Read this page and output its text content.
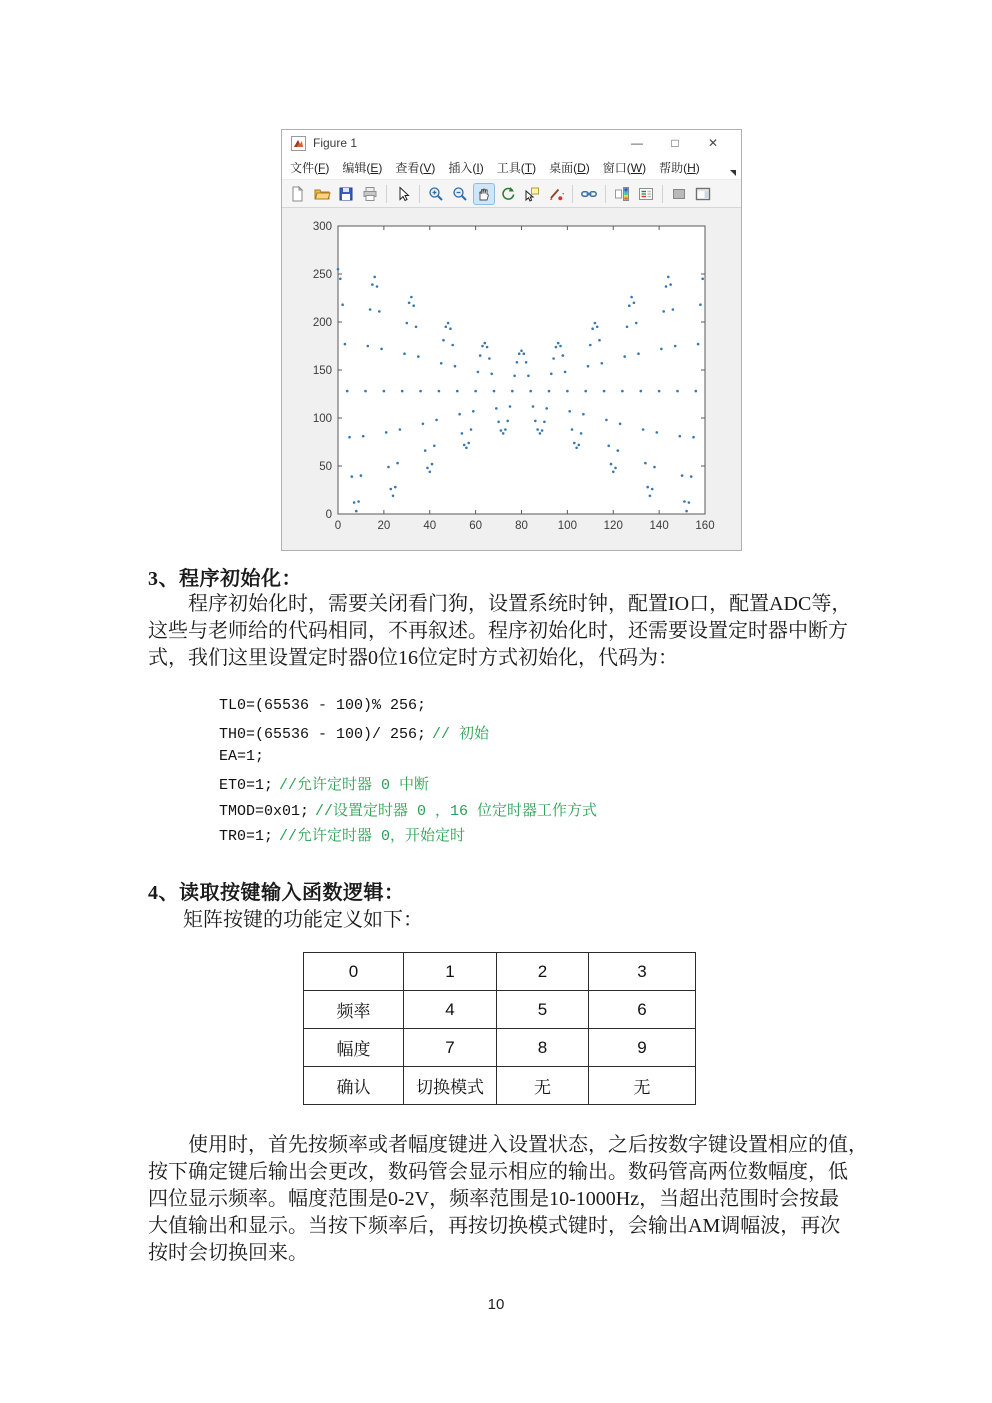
Figure 1	—	□	✕
文件(F) 编辑(E) 查看(V) 插入(I) 工具(T) 桌面(D) 窗口(W) 帮助(H)
0	20	40	60	80	100 120 140 160
0
50
100
150
200
250
300
3、程序初始化：
程序初始化时，需要关闭看门狗，设置系统时钟，配置IO口，配置ADC等，
这些与老师给的代码相同，不再叙述。程序初始化时，还需要设置定时器中断方
式，我们这里设置定时器0位16位定时方式初始化，代码为：
TL0=(65536 - 100)% 256;
TH0=(65536 - 100)/ 256; // 初始
EA=1;
ET0=1; //允许定时器 0 中断
TMOD=0x01; //设置定时器 0 ，16 位定时器工作方式
TR0=1; //允许定时器 0，开始定时
4、读取按键输入函数逻辑：
矩阵按键的功能定义如下：
0	1	2	3
频率	4	5	6
幅度	7	8	9
确认	切换模式	无	无
使用时，首先按频率或者幅度键进入设置状态，之后按数字键设置相应的值，
按下确定键后输出会更改，数码管会显示相应的输出。数码管高两位数幅度，低
四位显示频率。幅度范围是0-2V，频率范围是10-1000Hz，当超出范围时会按最
大值输出和显示。当按下频率后，再按切换模式键时，会输出AM调幅波，再次
按时会切换回来。
10
